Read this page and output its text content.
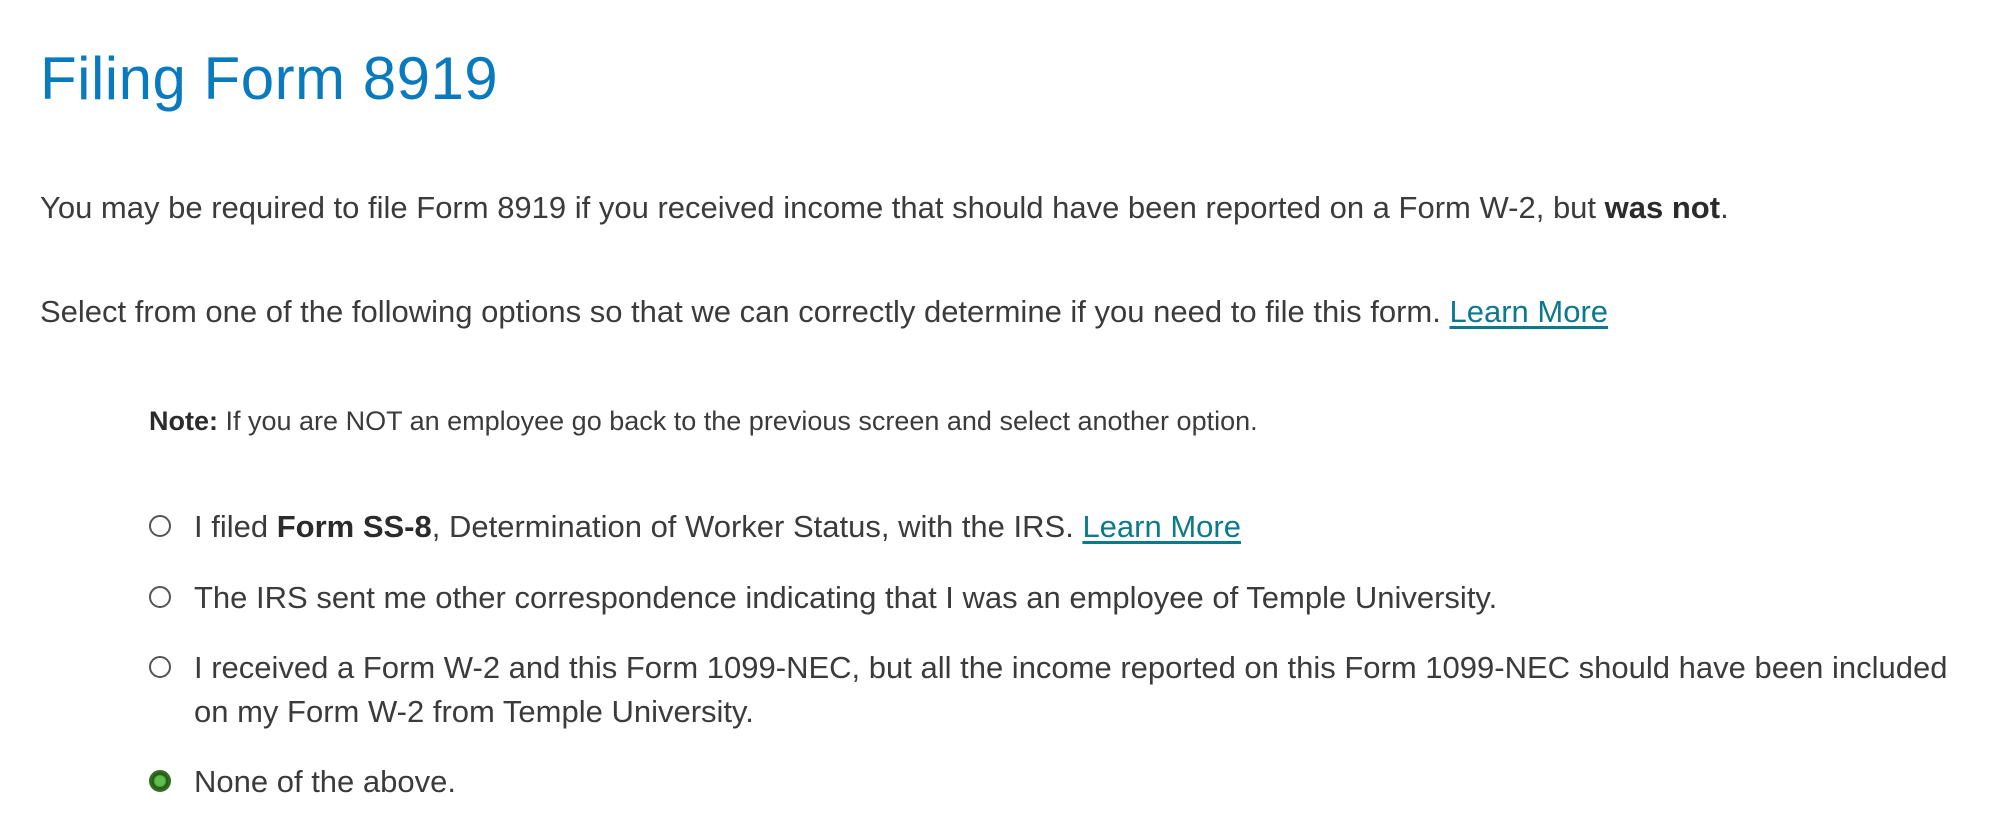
Filing Form 8919

You may be required to file Form 8919 if you received income that should have been reported on a Form W-2, but was not.

Select from one of the following options so that we can correctly determine if you need to file this form. Learn More

Note: If you are NOT an employee go back to the previous screen and select another option.

I filed Form SS-8, Determination of Worker Status, with the IRS. Learn More
The IRS sent me other correspondence indicating that I was an employee of Temple University.
I received a Form W-2 and this Form 1099-NEC, but all the income reported on this Form 1099-NEC should have been included on my Form W-2 from Temple University.
None of the above.
